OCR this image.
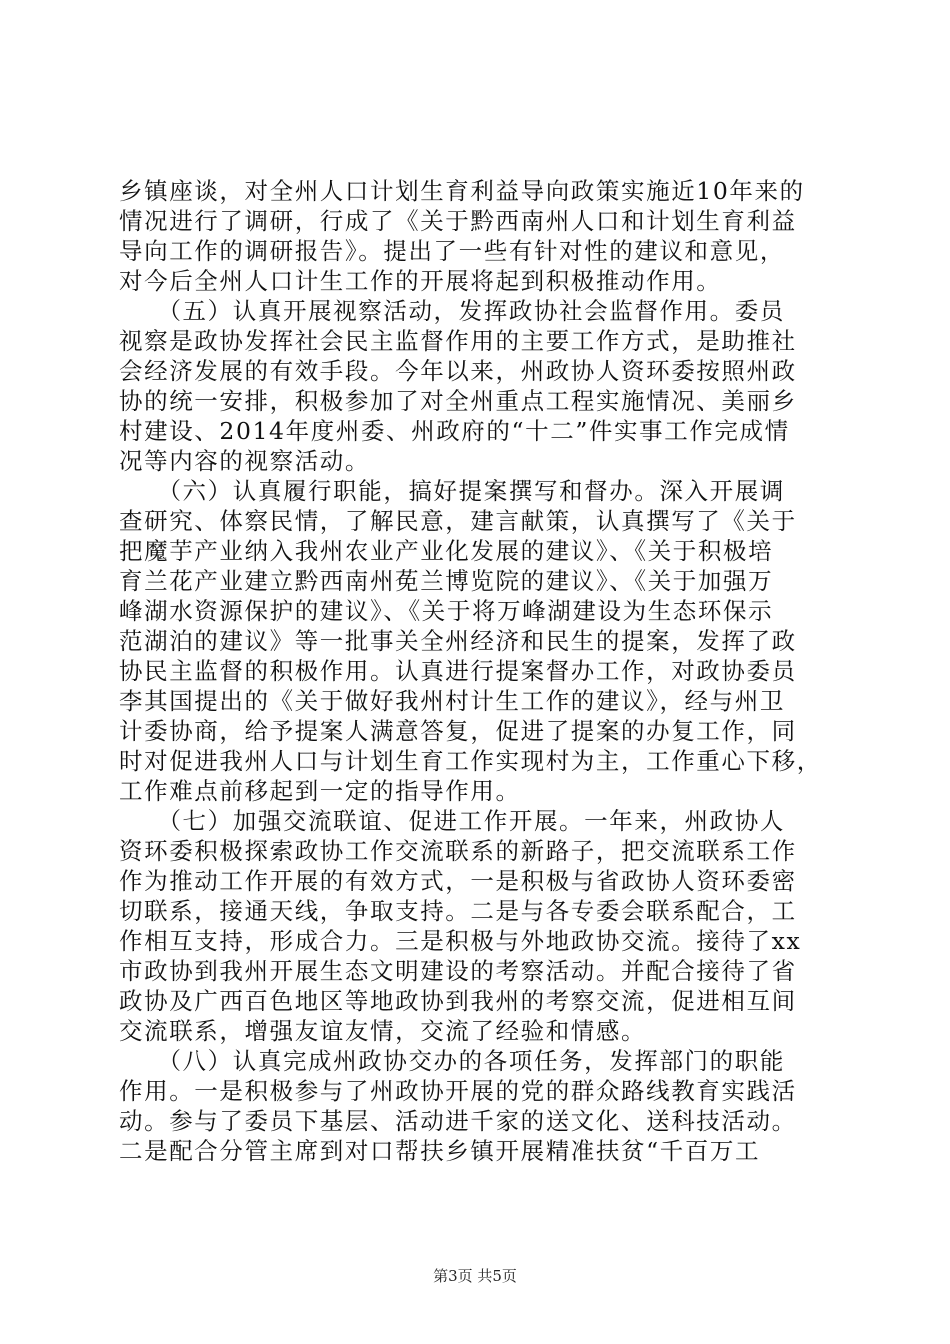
乡镇座谈，对全州人口计划生育利益导向政策实施近10年来的
情况进行了调研，行成了《关于黔西南州人口和计划生育利益
导向工作的调研报告》。提出了一些有针对性的建议和意见，
对今后全州人口计生工作的开展将起到积极推动作用。
　　（五）认真开展视察活动，发挥政协社会监督作用。委员
视察是政协发挥社会民主监督作用的主要工作方式，是助推社
会经济发展的有效手段。今年以来，州政协人资环委按照州政
协的统一安排，积极参加了对全州重点工程实施情况、美丽乡
村建设、2014年度州委、州政府的“十二”件实事工作完成情
况等内容的视察活动。
　　（六）认真履行职能，搞好提案撰写和督办。深入开展调
查研究、体察民情，了解民意，建言献策，认真撰写了《关于
把魔芋产业纳入我州农业产业化发展的建议》、《关于积极培
育兰花产业建立黔西南州莬兰博览院的建议》、《关于加强万
峰湖水资源保护的建议》、《关于将万峰湖建设为生态环保示
范湖泊的建议》等一批事关全州经济和民生的提案，发挥了政
协民主监督的积极作用。认真进行提案督办工作，对政协委员
李其国提出的《关于做好我州村计生工作的建议》，经与州卫
计委协商，给予提案人满意答复，促进了提案的办复工作，同
时对促进我州人口与计划生育工作实现村为主，工作重心下移，
工作难点前移起到一定的指导作用。
　　（七）加强交流联谊、促进工作开展。一年来，州政协人
资环委积极探索政协工作交流联系的新路子，把交流联系工作
作为推动工作开展的有效方式，一是积极与省政协人资环委密
切联系，接通天线，争取支持。二是与各专委会联系配合，工
作相互支持，形成合力。三是积极与外地政协交流。接待了xx
市政协到我州开展生态文明建设的考察活动。并配合接待了省
政协及广西百色地区等地政协到我州的考察交流，促进相互间
交流联系，增强友谊友情，交流了经验和情感。
　　（八）认真完成州政协交办的各项任务，发挥部门的职能
作用。一是积极参与了州政协开展的党的群众路线教育实践活
动。参与了委员下基层、活动进千家的送文化、送科技活动。
二是配合分管主席到对口帮扶乡镇开展精准扶贫“千百万工
第3页 共5页
